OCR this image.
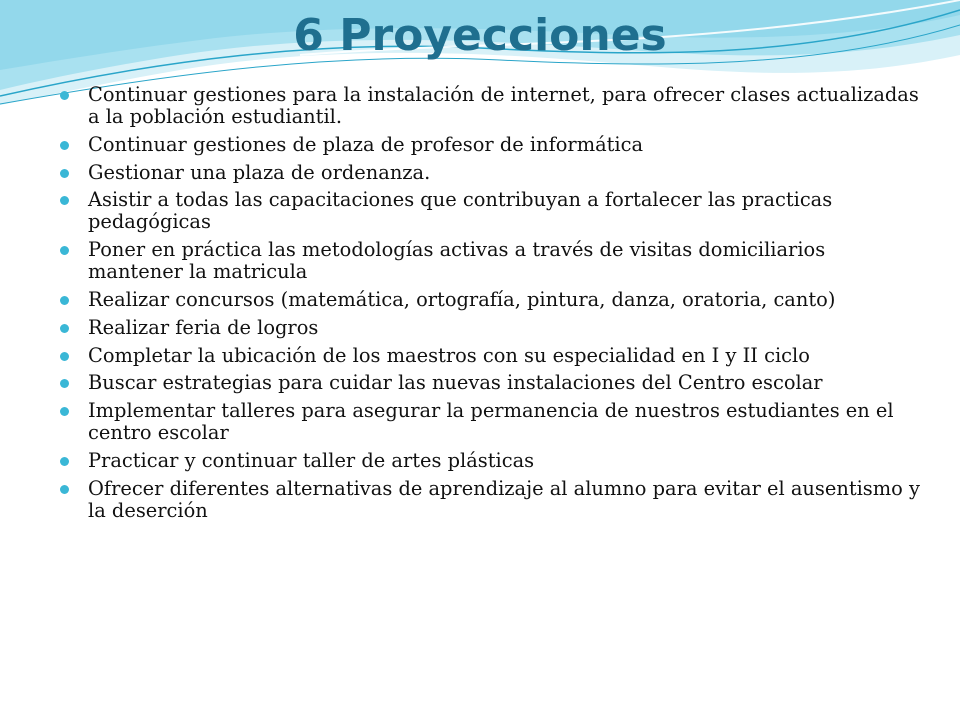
6 Proyecciones
Continuar gestiones para la instalación de internet, para ofrecer clases actualizadas a la población estudiantil.
Continuar gestiones de plaza de profesor de informática
Gestionar una plaza de ordenanza.
Asistir a todas las capacitaciones que contribuyan a fortalecer las practicas pedagógicas
Poner en práctica las metodologías activas a través de visitas domiciliarios mantener la matricula
Realizar concursos (matemática, ortografía, pintura, danza, oratoria, canto)
Realizar feria de logros
Completar la ubicación de los maestros con su especialidad en I y II ciclo
Buscar estrategias para cuidar las nuevas instalaciones del Centro escolar
Implementar talleres para asegurar la permanencia de nuestros estudiantes en el centro escolar
Practicar y continuar taller de artes plásticas
Ofrecer diferentes alternativas de aprendizaje al alumno para evitar el ausentismo y la deserción
